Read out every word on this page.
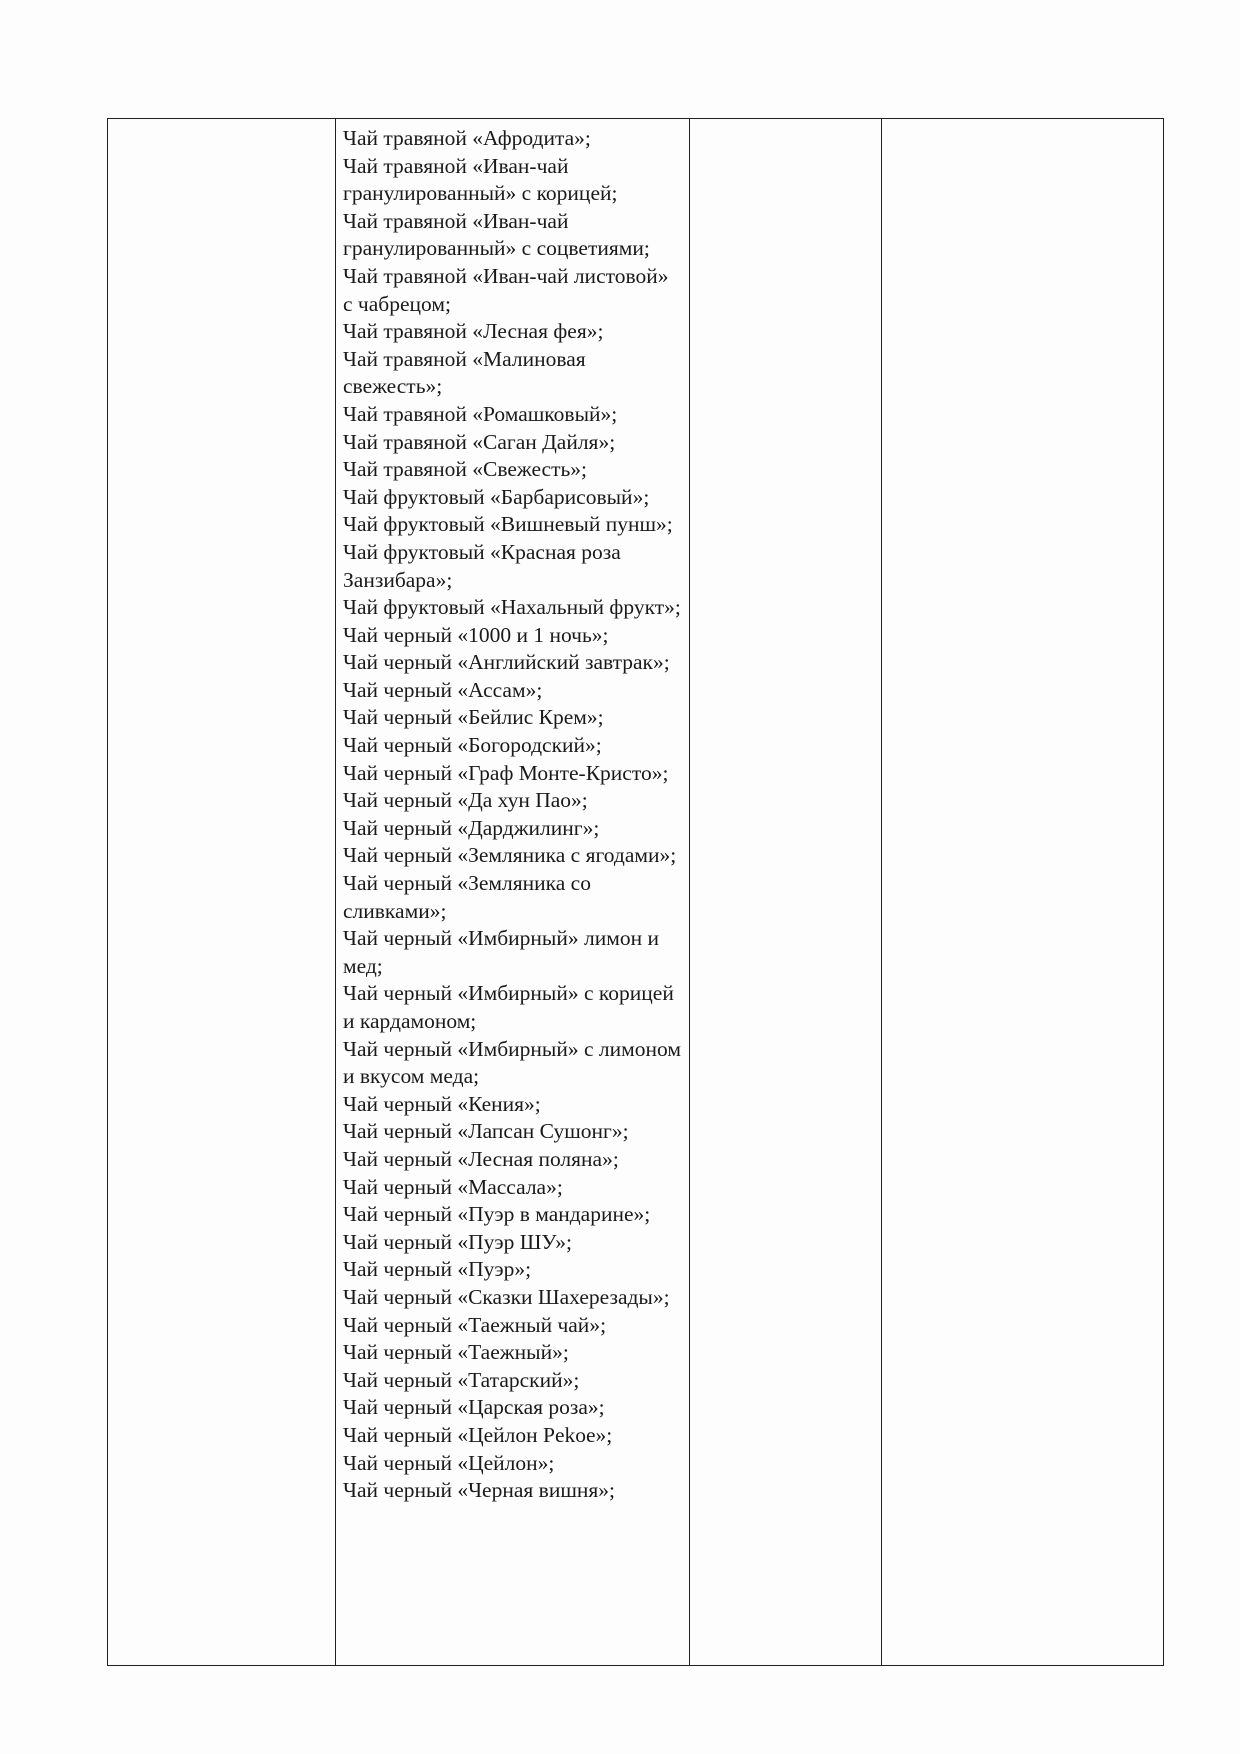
Чай травяной «Афродита»;
Чай травяной «Иван-чай гранулированный» с корицей;
Чай травяной «Иван-чай гранулированный» с соцветиями;
Чай травяной «Иван-чай листовой» с чабрецом;
Чай травяной «Лесная фея»;
Чай травяной «Малиновая свежесть»;
Чай травяной «Ромашковый»;
Чай травяной «Саган Дайля»;
Чай травяной «Свежесть»;
Чай фруктовый «Барбарисовый»;
Чай фруктовый «Вишневый пунш»;
Чай фруктовый «Красная роза Занзибара»;
Чай фруктовый «Нахальный фрукт»;
Чай черный «1000 и 1 ночь»;
Чай черный «Английский завтрак»;
Чай черный «Ассам»;
Чай черный «Бейлис Крем»;
Чай черный «Богородский»;
Чай черный «Граф Монте-Кристо»;
Чай черный «Да хун Пао»;
Чай черный «Дарджилинг»;
Чай черный «Земляника с ягодами»;
Чай черный «Земляника со сливками»;
Чай черный «Имбирный» лимон и мед;
Чай черный «Имбирный» с корицей и кардамоном;
Чай черный «Имбирный» с лимоном и вкусом меда;
Чай черный «Кения»;
Чай черный «Лапсан Сушонг»;
Чай черный «Лесная поляна»;
Чай черный «Массала»;
Чай черный «Пуэр в мандарине»;
Чай черный «Пуэр ШУ»;
Чай черный «Пуэр»;
Чай черный «Сказки Шахерезады»;
Чай черный «Таежный чай»;
Чай черный «Таежный»;
Чай черный «Татарский»;
Чай черный «Царская роза»;
Чай черный «Цейлон Pekoe»;
Чай черный «Цейлон»;
Чай черный «Черная вишня»;
